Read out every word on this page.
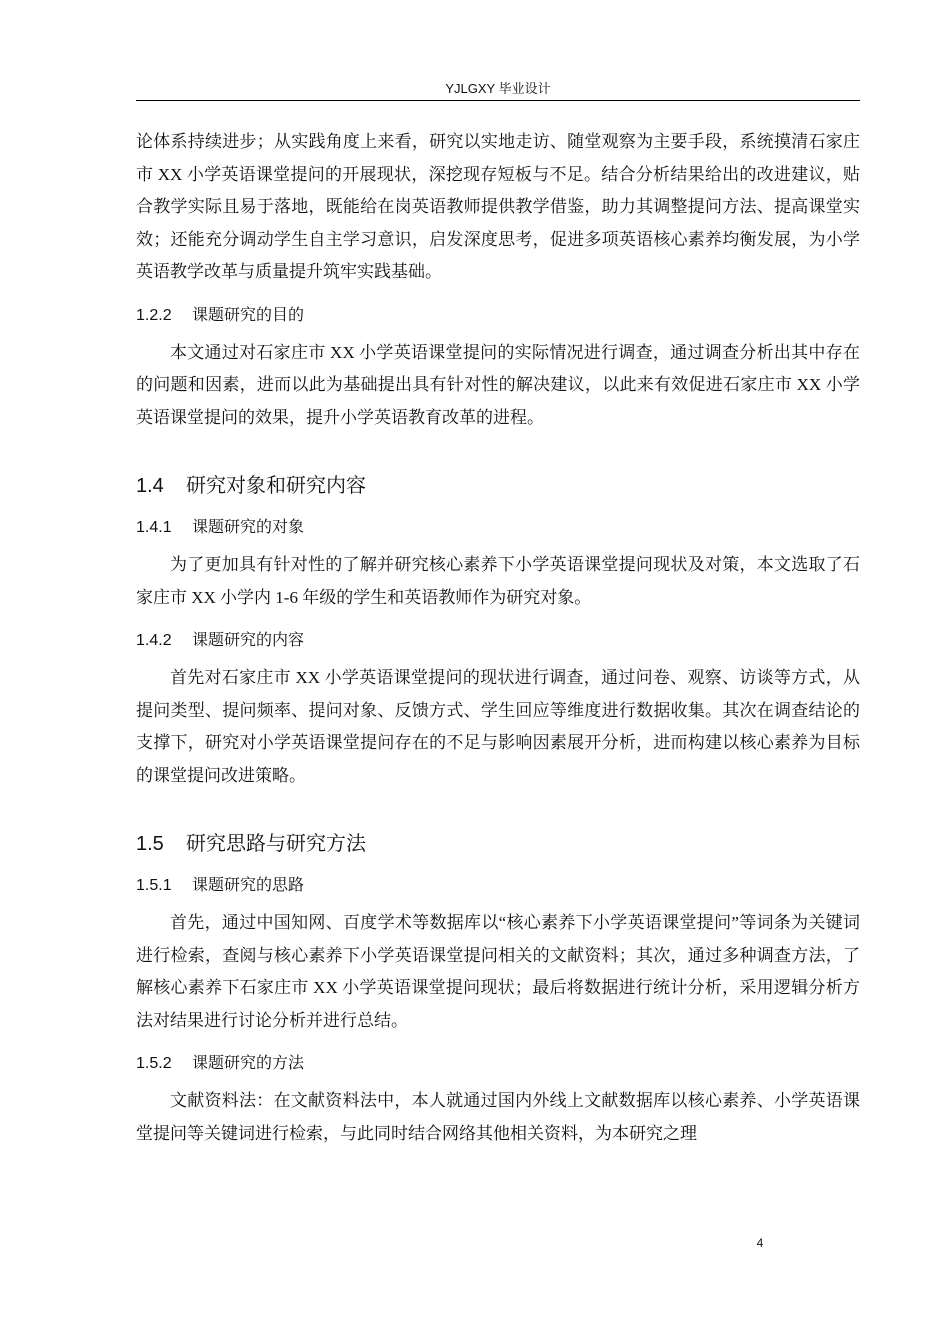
YJLGXY 毕业设计

论体系持续进步；从实践角度上来看，研究以实地走访、随堂观察为主要手段，系统摸清石家庄市 XX 小学英语课堂提问的开展现状，深挖现存短板与不足。结合分析结果给出的改进建议，贴合教学实际且易于落地，既能给在岗英语教师提供教学借鉴，助力其调整提问方法、提高课堂实效；还能充分调动学生自主学习意识，启发深度思考，促进多项英语核心素养均衡发展，为小学英语教学改革与质量提升筑牢实践基础。

1.2.2 课题研究的目的

本文通过对石家庄市 XX 小学英语课堂提问的实际情况进行调查，通过调查分析出其中存在的问题和因素，进而以此为基础提出具有针对性的解决建议，以此来有效促进石家庄市 XX 小学英语课堂提问的效果，提升小学英语教育改革的进程。

1.4 研究对象和研究内容
1.4.1 课题研究的对象

为了更加具有针对性的了解并研究核心素养下小学英语课堂提问现状及对策，本文选取了石家庄市 XX 小学内 1-6 年级的学生和英语教师作为研究对象。

1.4.2 课题研究的内容

首先对石家庄市 XX 小学英语课堂提问的现状进行调查，通过问卷、观察、访谈等方式，从提问类型、提问频率、提问对象、反馈方式、学生回应等维度进行数据收集。其次在调查结论的支撑下，研究对小学英语课堂提问存在的不足与影响因素展开分析，进而构建以核心素养为目标的课堂提问改进策略。

1.5 研究思路与研究方法
1.5.1 课题研究的思路

首先，通过中国知网、百度学术等数据库以“核心素养下小学英语课堂提问”等词条为关键词进行检索，查阅与核心素养下小学英语课堂提问相关的文献资料；其次，通过多种调查方法，了解核心素养下石家庄市 XX 小学英语课堂提问现状；最后将数据进行统计分析，采用逻辑分析方法对结果进行讨论分析并进行总结。

1.5.2 课题研究的方法

文献资料法：在文献资料法中，本人就通过国内外线上文献数据库以核心素养、小学英语课堂提问等关键词进行检索，与此同时结合网络其他相关资料，为本研究之理

4
